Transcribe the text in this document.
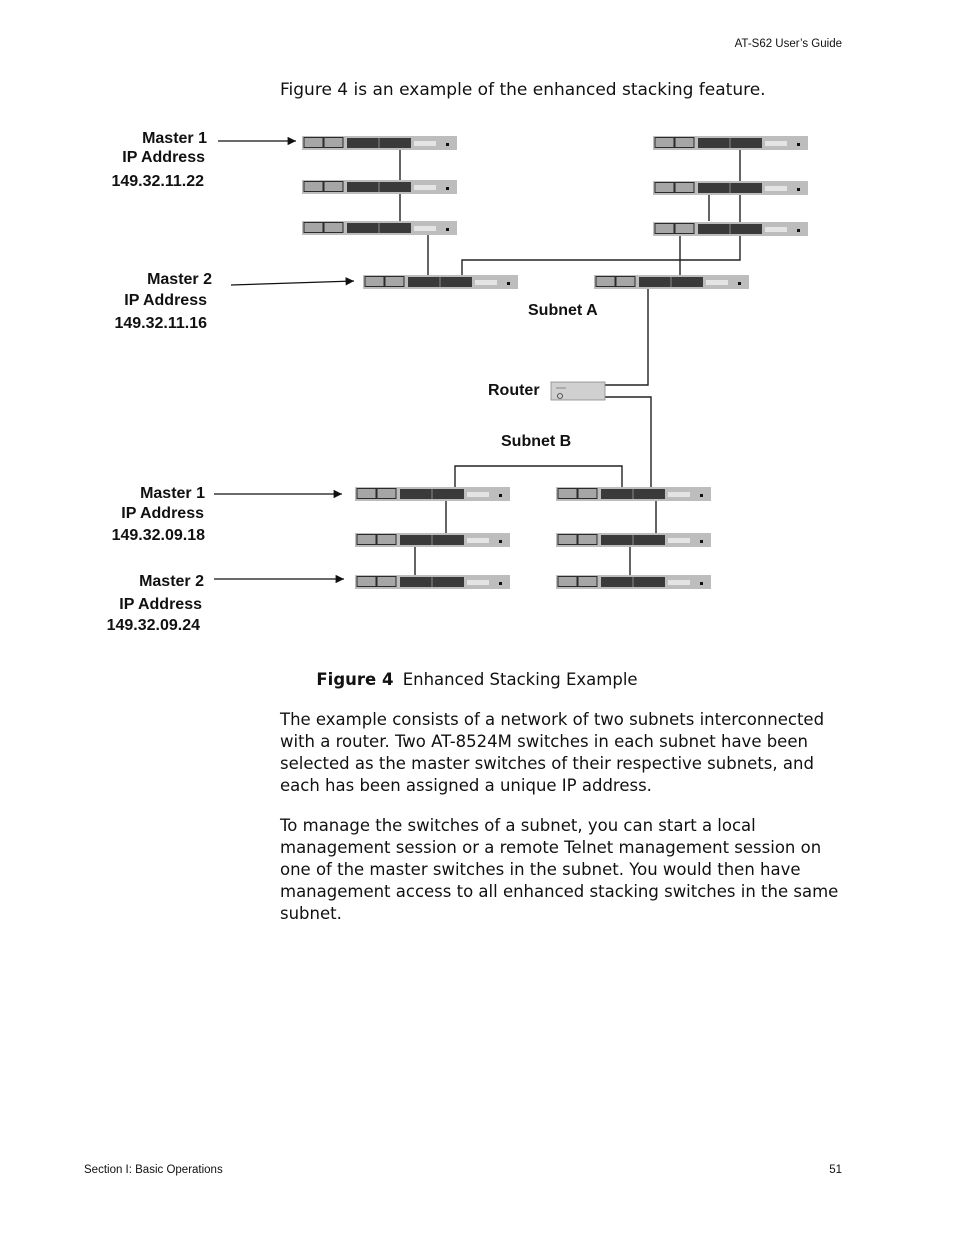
AT-S62 User’s Guide
Figure 4 is an example of the enhanced stacking feature.
Master 1
IP Address
149.32.11.22
Master 2
IP Address
149.32.11.16
Subnet A
Router
Subnet B
Master 1
IP Address
149.32.09.18
Master 2
IP Address
149.32.09.24
Figure 4 Enhanced Stacking Example

The example consists of a network of two subnets interconnected with a router. Two AT-8524M switches in each subnet have been selected as the master switches of their respective subnets, and each has been assigned a unique IP address.

To manage the switches of a subnet, you can start a local management session or a remote Telnet management session on one of the master switches in the subnet. You would then have management access to all enhanced stacking switches in the same subnet.

Section I: Basic Operations	51
